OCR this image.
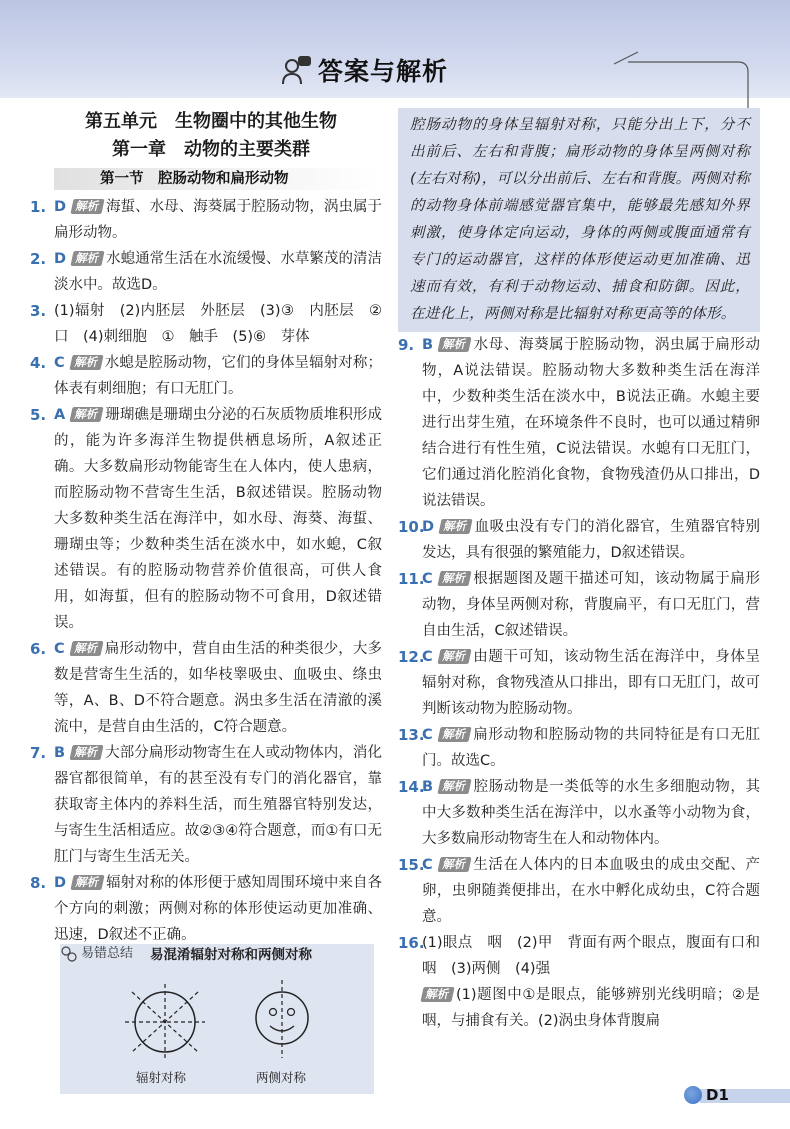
答案与解析
第五单元　生物圈中的其他生物
第一章　动物的主要类群
第一节　腔肠动物和扁形动物
1. D 解析 海蜇、水母、海葵属于腔肠动物，涡虫属于扁形动物。
2. D 解析 水螅通常生活在水流缓慢、水草繁茂的清洁淡水中。故选D。
3. (1)辐射　(2)内胚层　外胚层　(3)③　内胚层　②　口　(4)刺细胞　①　触手　(5)⑥　芽体
4. C 解析 水螅是腔肠动物，它们的身体呈辐射对称；体表有刺细胞；有口无肛门。
5. A 解析 珊瑚礁是珊瑚虫分泌的石灰质物质堆积形成的，能为许多海洋生物提供栖息场所，A叙述正确。大多数扁形动物能寄生在人体内，使人患病，而腔肠动物不营寄生生活，B叙述错误。腔肠动物大多数种类生活在海洋中，如水母、海葵、海蜇、珊瑚虫等；少数种类生活在淡水中，如水螅，C叙述错误。有的腔肠动物营养价值很高，可供人食用，如海蜇，但有的腔肠动物不可食用，D叙述错误。
6. C 解析 扁形动物中，营自由生活的种类很少，大多数是营寄生生活的，如华枝睾吸虫、血吸虫、绦虫等，A、B、D不符合题意。涡虫多生活在清澈的溪流中，是营自由生活的，C符合题意。
7. B 解析 大部分扁形动物寄生在人或动物体内，消化器官都很简单，有的甚至没有专门的消化器官，靠获取寄主体内的养料生活，而生殖器官特别发达，与寄生生活相适应。故②③④符合题意，而①有口无肛门与寄生生活无关。
8. D 解析 辐射对称的体形便于感知周围环境中来自各个方向的刺激；两侧对称的体形使运动更加准确、迅速，D叙述不正确。
易错总结 易混淆辐射对称和两侧对称
辐射对称	两侧对称
腔肠动物的身体呈辐射对称，只能分出上下，分不出前后、左右和背腹；扁形动物的身体呈两侧对称(左右对称)，可以分出前后、左右和背腹。两侧对称的动物身体前端感觉器官集中，能够最先感知外界刺激，使身体定向运动，身体的两侧或腹面通常有专门的运动器官，这样的体形使运动更加准确、迅速而有效，有利于动物运动、捕食和防御。因此，在进化上，两侧对称是比辐射对称更高等的体形。
9. B 解析 水母、海葵属于腔肠动物，涡虫属于扁形动物，A说法错误。腔肠动物大多数种类生活在海洋中，少数种类生活在淡水中，B说法正确。水螅主要进行出芽生殖，在环境条件不良时，也可以通过精卵结合进行有性生殖，C说法错误。水螅有口无肛门，它们通过消化腔消化食物，食物残渣仍从口排出，D说法错误。
10.
D 解析 血吸虫没有专门的消化器官，生殖器官特别发达，具有很强的繁殖能力，D叙述错误。
11.
C 解析 根据题图及题干描述可知，该动物属于扁形动物，身体呈两侧对称，背腹扁平，有口无肛门，营自由生活，C叙述错误。
12.
C 解析 由题干可知，该动物生活在海洋中，身体呈辐射对称，食物残渣从口排出，即有口无肛门，故可判断该动物为腔肠动物。
13.
C 解析 扁形动物和腔肠动物的共同特征是有口无肛门。故选C。
14.
B 解析 腔肠动物是一类低等的水生多细胞动物，其中大多数种类生活在海洋中，以水蚤等小动物为食，大多数扁形动物寄生在人和动物体内。
15.
C 解析 生活在人体内的日本血吸虫的成虫交配、产卵，虫卵随粪便排出，在水中孵化成幼虫，C符合题意。
16.
(1)眼点　咽　(2)甲　背面有两个眼点，腹面有口和咽　(3)两侧　(4)强
解析 (1)题图中①是眼点，能够辨别光线明暗；②是咽，与捕食有关。(2)涡虫身体背腹扁
D1
